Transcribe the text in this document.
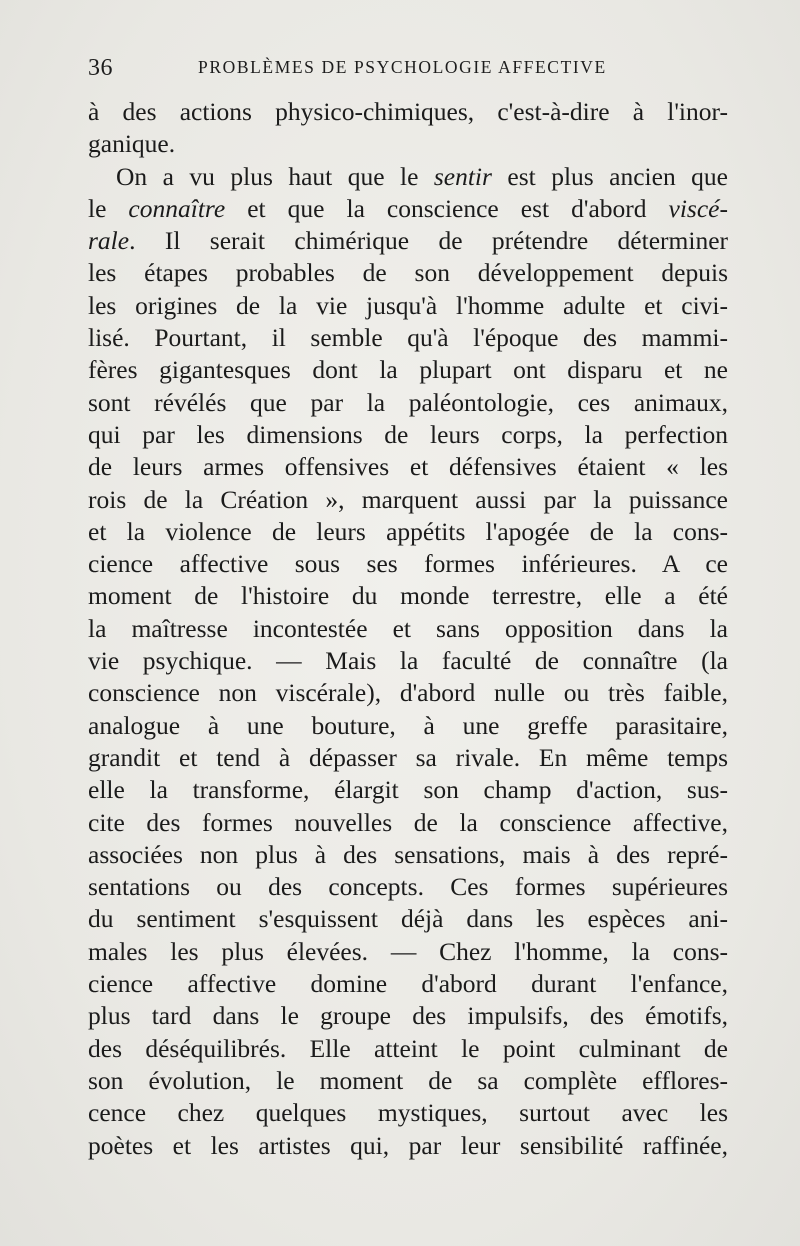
36	PROBLÈMES DE PSYCHOLOGIE AFFECTIVE
à des actions physico-chimiques, c'est-à-dire à l'inor-
ganique.
On a vu plus haut que le sentir est plus ancien que
le connaître et que la conscience est d'abord viscé-
rale. Il serait chimérique de prétendre déterminer
les étapes probables de son développement depuis
les origines de la vie jusqu'à l'homme adulte et civi-
lisé. Pourtant, il semble qu'à l'époque des mammi-
fères gigantesques dont la plupart ont disparu et ne
sont révélés que par la paléontologie, ces animaux,
qui par les dimensions de leurs corps, la perfection
de leurs armes offensives et défensives étaient « les
rois de la Création », marquent aussi par la puissance
et la violence de leurs appétits l'apogée de la cons-
cience affective sous ses formes inférieures. A ce
moment de l'histoire du monde terrestre, elle a été
la maîtresse incontestée et sans opposition dans la
vie psychique. — Mais la faculté de connaître (la
conscience non viscérale), d'abord nulle ou très faible,
analogue à une bouture, à une greffe parasitaire,
grandit et tend à dépasser sa rivale. En même temps
elle la transforme, élargit son champ d'action, sus-
cite des formes nouvelles de la conscience affective,
associées non plus à des sensations, mais à des repré-
sentations ou des concepts. Ces formes supérieures
du sentiment s'esquissent déjà dans les espèces ani-
males les plus élevées. — Chez l'homme, la cons-
cience affective domine d'abord durant l'enfance,
plus tard dans le groupe des impulsifs, des émotifs,
des déséquilibrés. Elle atteint le point culminant de
son évolution, le moment de sa complète efflores-
cence chez quelques mystiques, surtout avec les
poètes et les artistes qui, par leur sensibilité raffinée,
